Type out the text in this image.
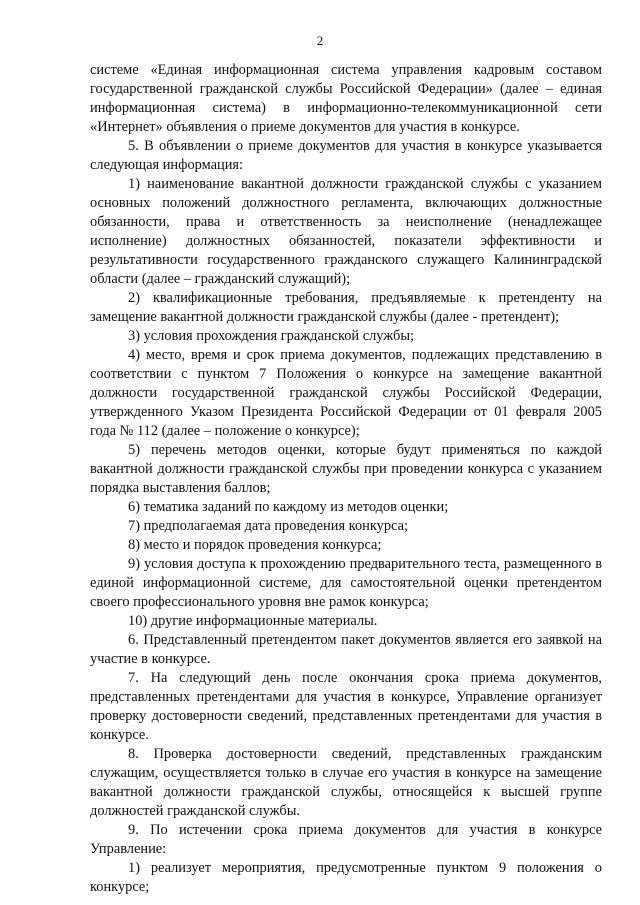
2

системе «Единая информационная система управления кадровым составом государственной гражданской службы Российской Федерации» (далее – единая информационная система) в информационно-телекоммуникационной сети «Интернет» объявления о приеме документов для участия в конкурсе.

5. В объявлении о приеме документов для участия в конкурсе указывается следующая информация:

1) наименование вакантной должности гражданской службы с указанием основных положений должностного регламента, включающих должностные обязанности, права и ответственность за неисполнение (ненадлежащее исполнение) должностных обязанностей, показатели эффективности и результативности государственного гражданского служащего Калининградской области (далее – гражданский служащий);

2) квалификационные требования, предъявляемые к претенденту на замещение вакантной должности гражданской службы (далее - претендент);

3) условия прохождения гражданской службы;

4) место, время и срок приема документов, подлежащих представлению в соответствии с пунктом 7 Положения о конкурсе на замещение вакантной должности государственной гражданской службы Российской Федерации, утвержденного Указом Президента Российской Федерации от 01 февраля 2005 года № 112 (далее – положение о конкурсе);

5) перечень методов оценки, которые будут применяться по каждой вакантной должности гражданской службы при проведении конкурса с указанием порядка выставления баллов;

6) тематика заданий по каждому из методов оценки;

7) предполагаемая дата проведения конкурса;

8) место и порядок проведения конкурса;

9) условия доступа к прохождению предварительного теста, размещенного в единой информационной системе, для самостоятельной оценки претендентом своего профессионального уровня вне рамок конкурса;

10) другие информационные материалы.

6. Представленный претендентом пакет документов является его заявкой на участие в конкурсе.

7. На следующий день после окончания срока приема документов, представленных претендентами для участия в конкурсе, Управление организует проверку достоверности сведений, представленных претендентами для участия в конкурсе.

8. Проверка достоверности сведений, представленных гражданским служащим, осуществляется только в случае его участия в конкурсе на замещение вакантной должности гражданской службы, относящейся к высшей группе должностей гражданской службы.

9. По истечении срока приема документов для участия в конкурсе Управление:

1) реализует мероприятия, предусмотренные пунктом 9 положения о конкурсе;
